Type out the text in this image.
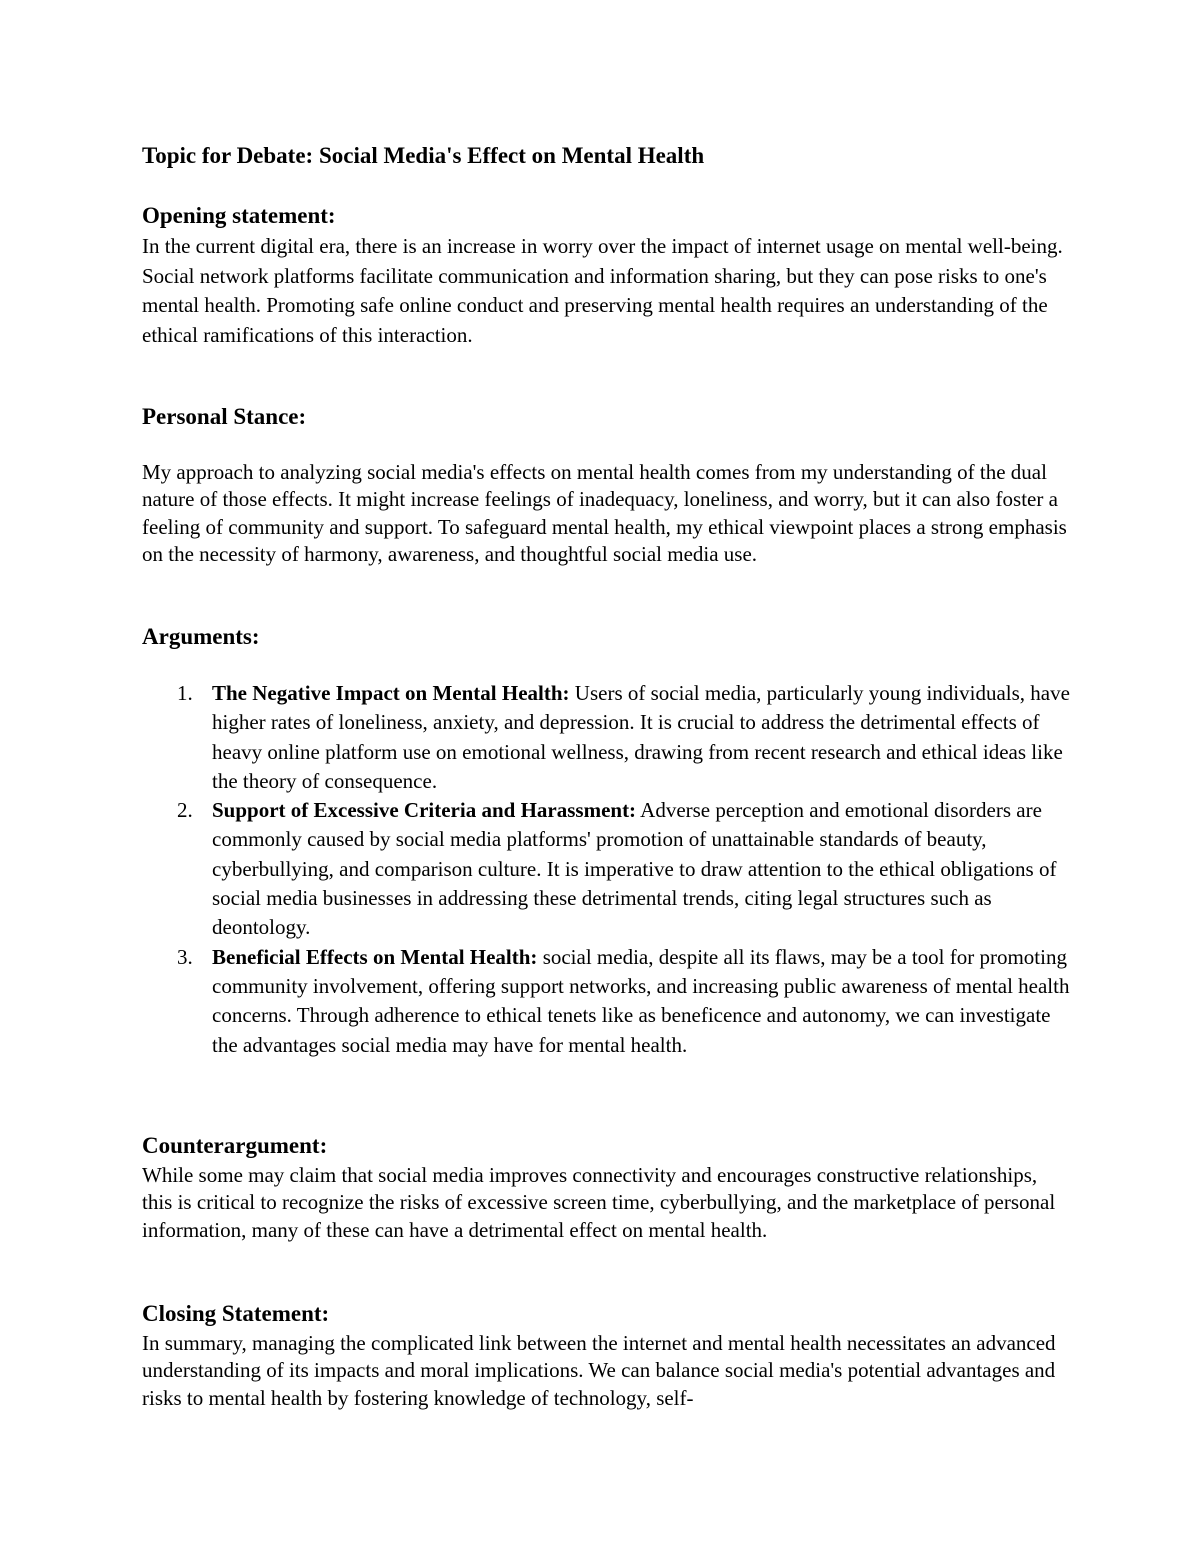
Topic for Debate: Social Media's Effect on Mental Health
Opening statement:
In the current digital era, there is an increase in worry over the impact of internet usage on mental well-being. Social network platforms facilitate communication and information sharing, but they can pose risks to one's mental health. Promoting safe online conduct and preserving mental health requires an understanding of the ethical ramifications of this interaction.
Personal Stance:
My approach to analyzing social media's effects on mental health comes from my understanding of the dual nature of those effects. It might increase feelings of inadequacy, loneliness, and worry, but it can also foster a feeling of community and support. To safeguard mental health, my ethical viewpoint places a strong emphasis on the necessity of harmony, awareness, and thoughtful social media use.
Arguments:
1. The Negative Impact on Mental Health: Users of social media, particularly young individuals, have higher rates of loneliness, anxiety, and depression. It is crucial to address the detrimental effects of heavy online platform use on emotional wellness, drawing from recent research and ethical ideas like the theory of consequence.
2. Support of Excessive Criteria and Harassment: Adverse perception and emotional disorders are commonly caused by social media platforms' promotion of unattainable standards of beauty, cyberbullying, and comparison culture. It is imperative to draw attention to the ethical obligations of social media businesses in addressing these detrimental trends, citing legal structures such as deontology.
3. Beneficial Effects on Mental Health: social media, despite all its flaws, may be a tool for promoting community involvement, offering support networks, and increasing public awareness of mental health concerns. Through adherence to ethical tenets like as beneficence and autonomy, we can investigate the advantages social media may have for mental health.
Counterargument:
While some may claim that social media improves connectivity and encourages constructive relationships, this is critical to recognize the risks of excessive screen time, cyberbullying, and the marketplace of personal information, many of these can have a detrimental effect on mental health.
Closing Statement:
In summary, managing the complicated link between the internet and mental health necessitates an advanced understanding of its impacts and moral implications. We can balance social media's potential advantages and risks to mental health by fostering knowledge of technology, self-
